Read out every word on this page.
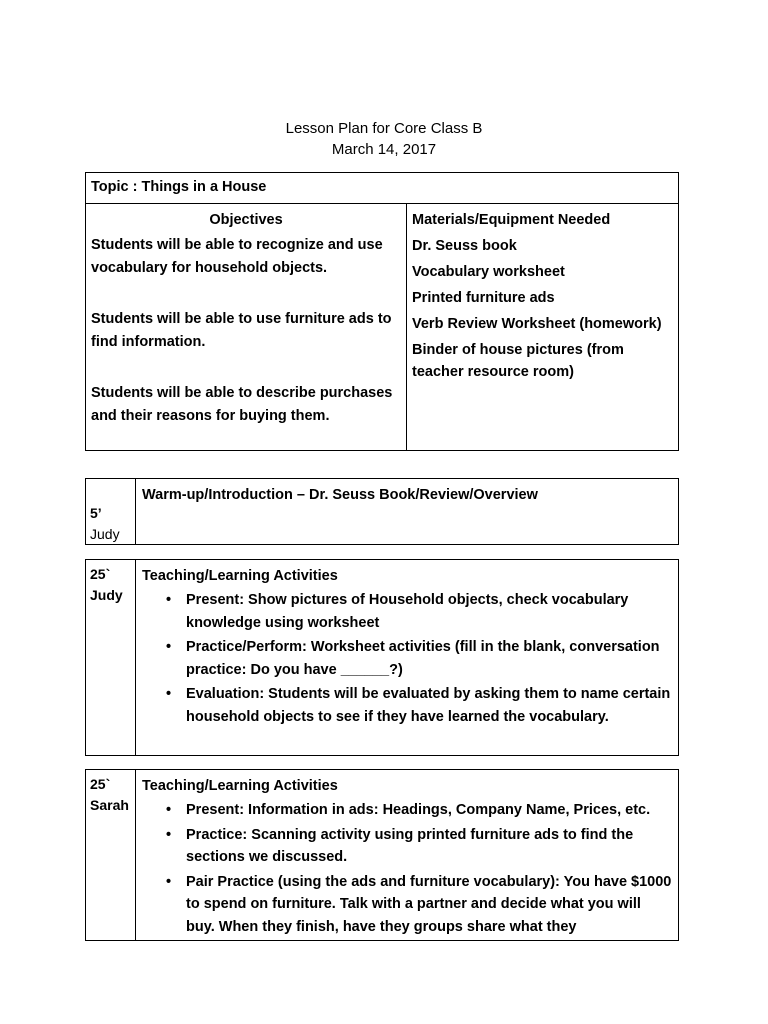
Lesson Plan for Core Class B
March 14, 2017
Topic : Things in a House
Objectives

Students will be able to recognize and use vocabulary for household objects.

Students will be able to use furniture ads to find information.

Students will be able to describe purchases and their reasons for buying them.

Materials/Equipment Needed
Dr. Seuss book
Vocabulary worksheet
Printed furniture ads
Verb Review Worksheet (homework)
Binder of house pictures (from teacher resource room)
5’
Judy
Warm-up/Introduction – Dr. Seuss Book/Review/Overview
25`
Judy
Teaching/Learning Activities
• Present: Show pictures of Household objects, check vocabulary knowledge using worksheet
• Practice/Perform: Worksheet activities (fill in the blank, conversation practice: Do you have ______?)
• Evaluation: Students will be evaluated by asking them to name certain household objects to see if they have learned the vocabulary.
25`
Sarah
Teaching/Learning Activities
• Present: Information in ads: Headings, Company Name, Prices, etc.
• Practice: Scanning activity using printed furniture ads to find the sections we discussed.
• Pair Practice (using the ads and furniture vocabulary): You have $1000 to spend on furniture. Talk with a partner and decide what you will buy. When they finish, have they groups share what they
